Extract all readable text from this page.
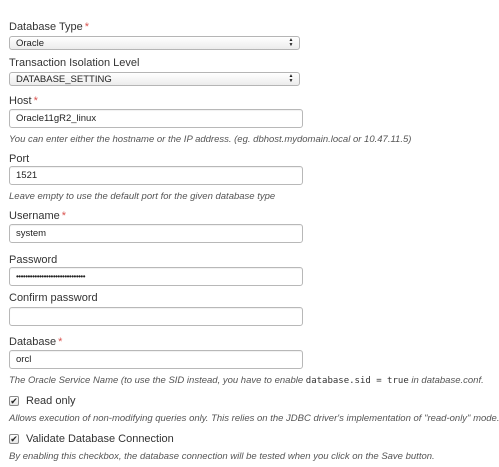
Database Type *
Oracle	▲
▼
Transaction Isolation Level
DATABASE_SETTING	▲
▼
Host *
Oracle11gR2_linux
You can enter either the hostname or the IP address. (eg. dbhost.mydomain.local or 10.47.11.5)
Port
1521
Leave empty to use the default port for the given database type
Username *
system
Password
••••••••••••••••••••••••••••••
Confirm password
Database *
orcl
The Oracle Service Name (to use the SID instead, you have to enable database.sid = true in database.conf.
✔ Read only
Allows execution of non-modifying queries only. This relies on the JDBC driver's implementation of "read-only" mode.
✔ Validate Database Connection
By enabling this checkbox, the database connection will be tested when you click on the Save button.
